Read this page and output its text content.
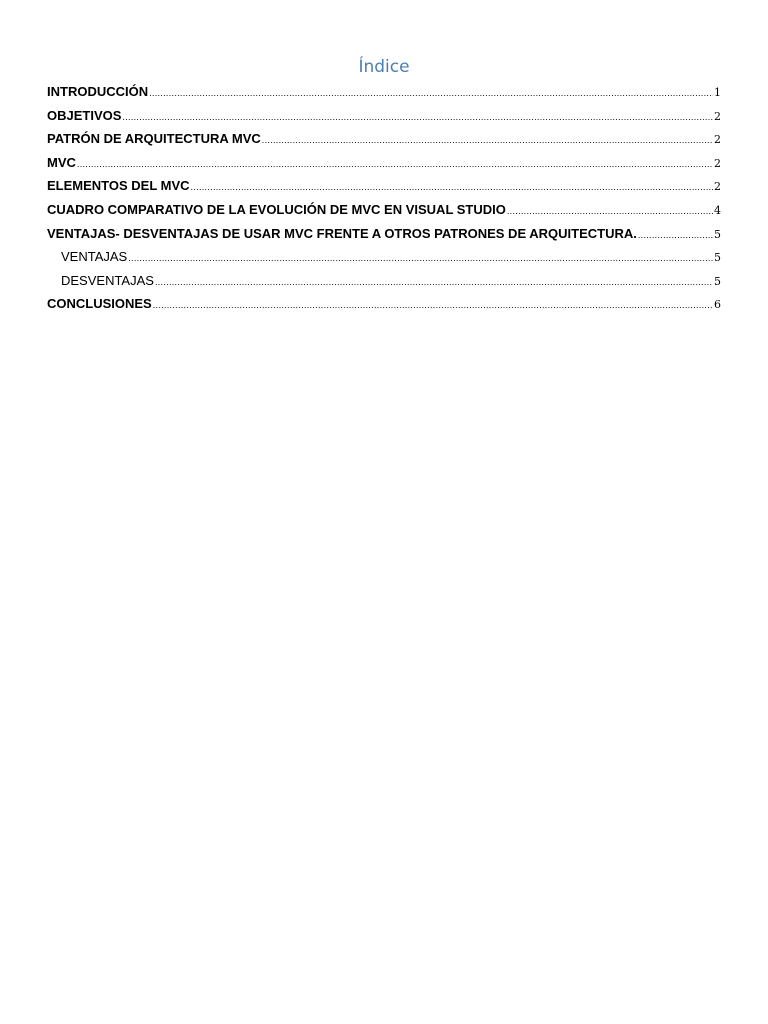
Índice
INTRODUCCIÓN .....	1
OBJETIVOS .....	2
PATRÓN DE ARQUITECTURA MVC .....	2
MVC .....	2
ELEMENTOS DEL MVC .....	2
CUADRO COMPARATIVO DE LA EVOLUCIÓN DE MVC EN VISUAL STUDIO .....	4
VENTAJAS- DESVENTAJAS DE USAR MVC FRENTE A OTROS PATRONES DE ARQUITECTURA. .....	5
VENTAJAS .....	5
DESVENTAJAS .....	5
CONCLUSIONES .....	6
